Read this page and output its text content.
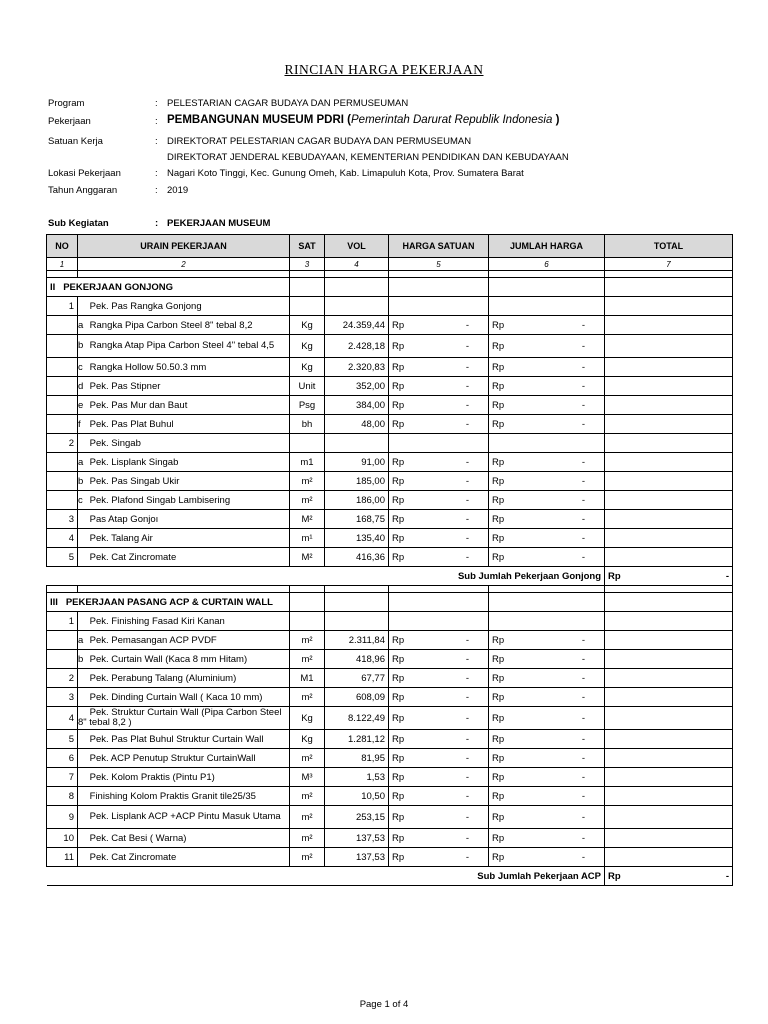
RINCIAN HARGA PEKERJAAN
Program	: PELESTARIAN CAGAR BUDAYA DAN PERMUSEUMAN
Pekerjaan	: PEMBANGUNAN MUSEUM PDRI (Pemerintah Darurat Republik Indonesia )
Satuan Kerja	: DIREKTORAT PELESTARIAN CAGAR BUDAYA DAN PERMUSEUMAN
DIREKTORAT JENDERAL KEBUDAYAAN, KEMENTERIAN PENDIDIKAN DAN KEBUDAYAAN
Lokasi Pekerjaan	: Nagari Koto Tinggi, Kec. Gunung Omeh, Kab. Limapuluh Kota, Prov. Sumatera Barat
Tahun Anggaran	: 2019
Sub Kegiatan	: PEKERJAAN MUSEUM
NO	URAIN PEKERJAAN	SAT	VOL	HARGA SATUAN	JUMLAH HARGA	TOTAL
1	2	3	4	5	6	7

II PEKERJAAN GONJONG						
1	Pek. Pas Rangka Gonjong					
	a Rangka Pipa Carbon Steel 8" tebal 8,2	Kg	24.359,44	Rp -	Rp -	

	b Rangka Atap Pipa Carbon Steel 4" tebal 4,5	Kg	2.428,18	Rp -	Rp -	

	c Rangka Hollow 50.50.3 mm	Kg	2.320,83	Rp -	Rp -	

	d Pek. Pas Stipner	Unit	352,00	Rp -	Rp -	

	e Pek. Pas Mur dan Baut	Psg	384,00	Rp -	Rp -	

	f Pek. Pas Plat Buhul	bh	48,00	Rp -	Rp -	

2	Pek. Singab					
	a Pek. Lisplank Singab	m1	91,00	Rp -	Rp -	

	b Pek. Pas Singab Ukir	m²	185,00	Rp -	Rp -	

	c Pek. Plafond Singab Lambisering	m²	186,00	Rp -	Rp -	

3	Pas Atap Gonjoı	M²	168,75	Rp -	Rp -	

4	Pek. Talang Air	m¹	135,40	Rp -	Rp -	

5	Pek. Cat Zincromate	M²	416,36	Rp -	Rp -	

Sub Jumlah Pekerjaan Gonjong						Rp -

III PEKERJAAN PASANG ACP & CURTAIN WALL						
1	Pek. Finishing Fasad Kiri Kanan					
	a Pek. Pemasangan ACP PVDF	m²	2.311,84	Rp -	Rp -	

	b Pek. Curtain Wall (Kaca 8 mm Hitam)	m²	418,96	Rp -	Rp -	

2	Pek. Perabung Talang (Aluminium)	M1	67,77	Rp -	Rp -	

3	Pek. Dinding Curtain Wall ( Kaca 10 mm)	m²	608,09	Rp -	Rp -	

4	Pek. Struktur Curtain Wall (Pipa Carbon Steel 8" tebal 8,2 )	Kg	8.122,49	Rp -	Rp -	

5	Pek. Pas Plat Buhul Struktur Curtain Wall	Kg	1.281,12	Rp -	Rp -	

6	Pek. ACP Penutup Struktur CurtainWall	m²	81,95	Rp -	Rp -	

7	Pek. Kolom Praktis (Pintu P1)	M³	1,53	Rp -	Rp -	

8	Finishing Kolom Praktis Granit tile25/35	m²	10,50	Rp -	Rp -	

9	Pek. Lisplank ACP +ACP Pintu Masuk Utama	m²	253,15	Rp -	Rp -	

10	Pek. Cat Besi ( Warna)	m²	137,53	Rp -	Rp -	

11	Pek. Cat Zincromate	m²	137,53	Rp -	Rp -	

Sub Jumlah Pekerjaan ACP						Rp -
Page 1 of 4
